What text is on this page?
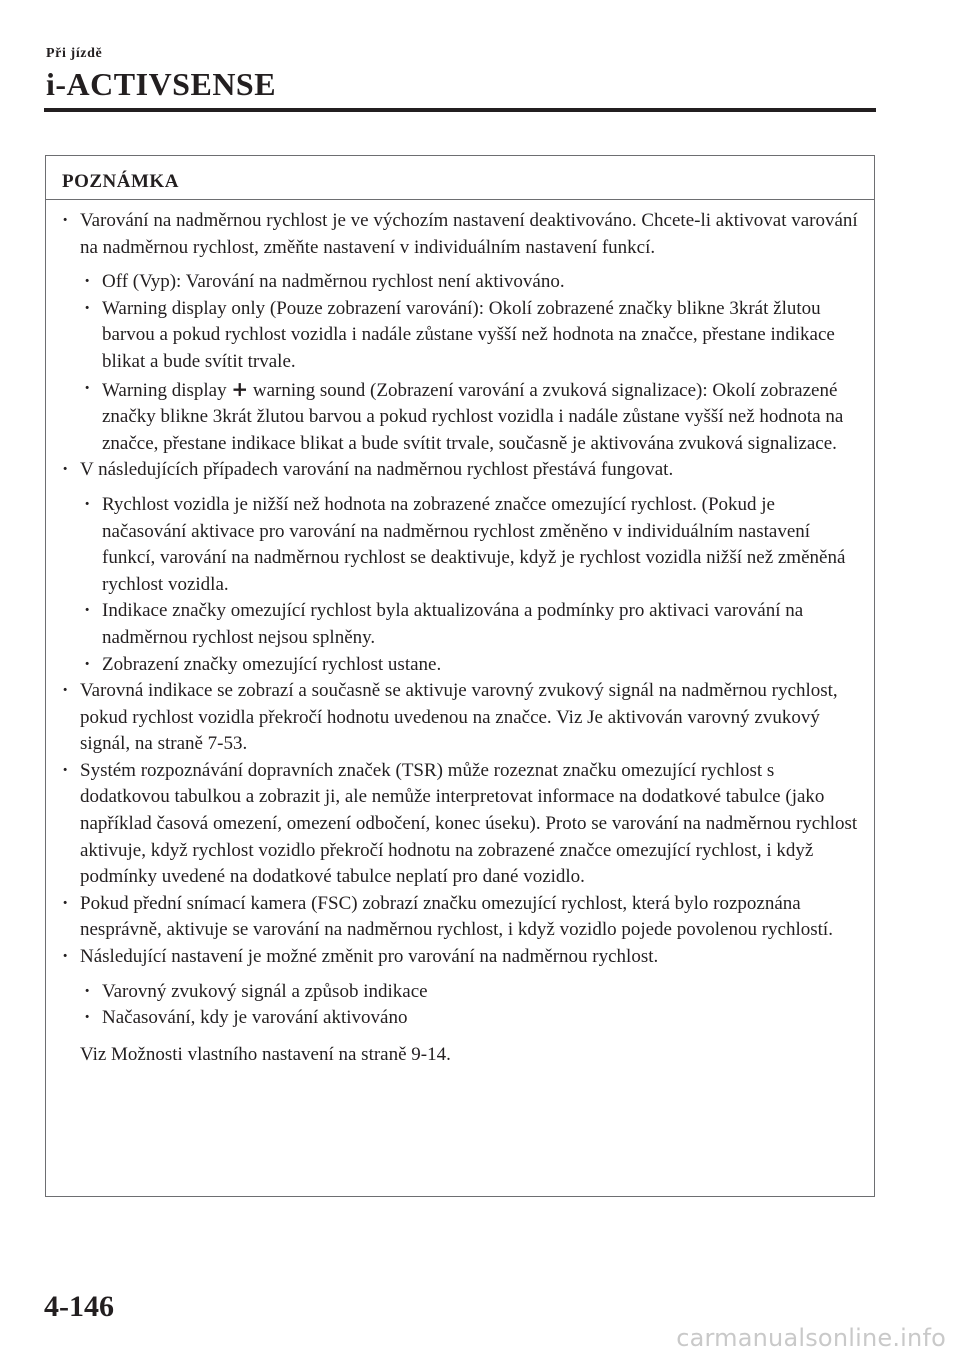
Při jízdě
i-ACTIVSENSE
POZNÁMKA
· Varování na nadměrnou rychlost je ve výchozím nastavení deaktivováno. Chcete-li aktivovat varování na nadměrnou rychlost, změňte nastavení v individuálním nastavení funkcí.
· Off (Vyp): Varování na nadměrnou rychlost není aktivováno.
· Warning display only (Pouze zobrazení varování): Okolí zobrazené značky blikne 3krát žlutou barvou a pokud rychlost vozidla i nadále zůstane vyšší než hodnota na značce, přestane indikace blikat a bude svítit trvale.
· Warning display + warning sound (Zobrazení varování a zvuková signalizace): Okolí zobrazené značky blikne 3krát žlutou barvou a pokud rychlost vozidla i nadále zůstane vyšší než hodnota na značce, přestane indikace blikat a bude svítit trvale, současně je aktivována zvuková signalizace.
· V následujících případech varování na nadměrnou rychlost přestává fungovat.
· Rychlost vozidla je nižší než hodnota na zobrazené značce omezující rychlost. (Pokud je načasování aktivace pro varování na nadměrnou rychlost změněno v individuálním nastavení funkcí, varování na nadměrnou rychlost se deaktivuje, když je rychlost vozidla nižší než změněná rychlost vozidla.
· Indikace značky omezující rychlost byla aktualizována a podmínky pro aktivaci varování na nadměrnou rychlost nejsou splněny.
· Zobrazení značky omezující rychlost ustane.
· Varovná indikace se zobrazí a současně se aktivuje varovný zvukový signál na nadměrnou rychlost, pokud rychlost vozidla překročí hodnotu uvedenou na značce. Viz Je aktivován varovný zvukový signál, na straně 7-53.
· Systém rozpoznávání dopravních značek (TSR) může rozeznat značku omezující rychlost s dodatkovou tabulkou a zobrazit ji, ale nemůže interpretovat informace na dodatkové tabulce (jako například časová omezení, omezení odbočení, konec úseku). Proto se varování na nadměrnou rychlost aktivuje, když rychlost vozidlo překročí hodnotu na zobrazené značce omezující rychlost, i když podmínky uvedené na dodatkové tabulce neplatí pro dané vozidlo.
· Pokud přední snímací kamera (FSC) zobrazí značku omezující rychlost, která bylo rozpoznána nesprávně, aktivuje se varování na nadměrnou rychlost, i když vozidlo pojede povolenou rychlostí.
· Následující nastavení je možné změnit pro varování na nadměrnou rychlost.
· Varovný zvukový signál a způsob indikace
· Načasování, kdy je varování aktivováno
Viz Možnosti vlastního nastavení na straně 9-14.
4-146
carmanualsonline.info
